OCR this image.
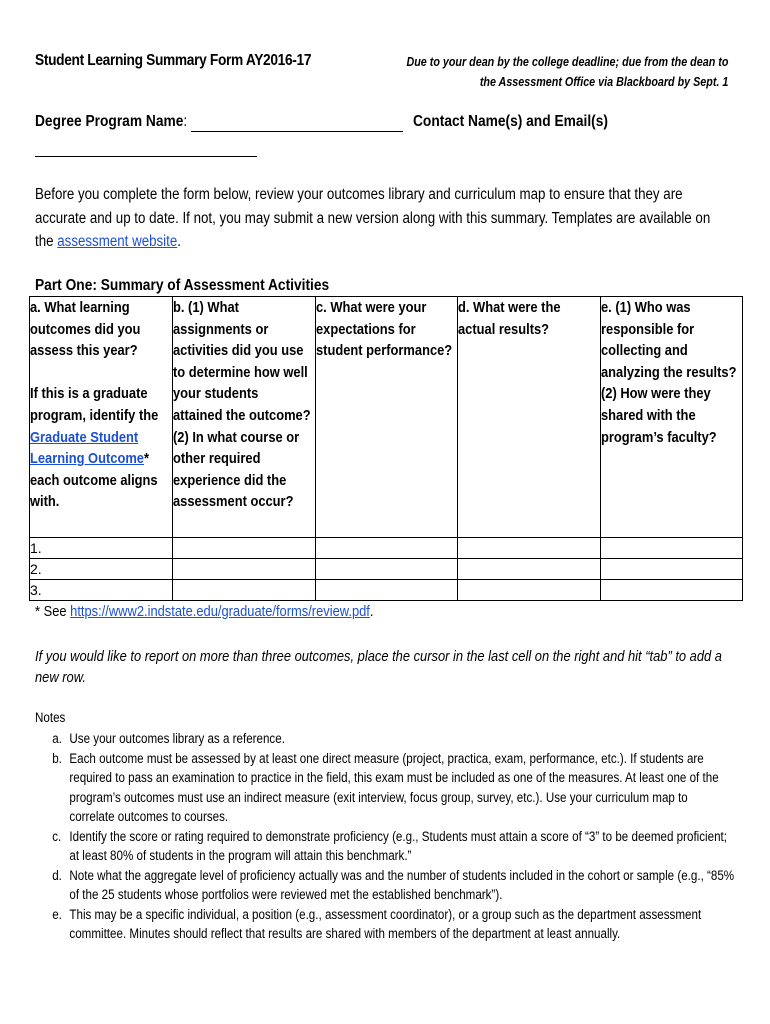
Student Learning Summary Form AY2016-17	Due to your dean by the college deadline; due from the dean to
the Assessment Office via Blackboard by Sept. 1
Degree Program Name:	Contact Name(s) and Email(s)
Before you complete the form below, review your outcomes library and curriculum map to ensure that they are accurate and up to date. If not, you may submit a new version along with this summary. Templates are available on the assessment website.
Part One: Summary of Assessment Activities
a. What learning outcomes did you assess this year?
If this is a graduate program, identify the Graduate Student Learning Outcome* each outcome aligns with.	b. (1) What assignments or activities did you use to determine how well your students attained the outcome? (2) In what course or other required experience did the assessment occur?	c. What were your expectations for student performance?	d. What were the actual results?	e. (1) Who was responsible for collecting and analyzing the results? (2) How were they shared with the program’s faculty?

1.				
2.				
3.				
* See https://www2.indstate.edu/graduate/forms/review.pdf.
If you would like to report on more than three outcomes, place the cursor in the last cell on the right and hit “tab” to add a new row.
Notes
a. Use your outcomes library as a reference.
b. Each outcome must be assessed by at least one direct measure (project, practica, exam, performance, etc.). If students are required to pass an examination to practice in the field, this exam must be included as one of the measures. At least one of the program’s outcomes must use an indirect measure (exit interview, focus group, survey, etc.). Use your curriculum map to correlate outcomes to courses.
c. Identify the score or rating required to demonstrate proficiency (e.g., Students must attain a score of “3” to be deemed proficient; at least 80% of students in the program will attain this benchmark.”
d. Note what the aggregate level of proficiency actually was and the number of students included in the cohort or sample (e.g., “85% of the 25 students whose portfolios were reviewed met the established benchmark”).
e. This may be a specific individual, a position (e.g., assessment coordinator), or a group such as the department assessment committee. Minutes should reflect that results are shared with members of the department at least annually.
